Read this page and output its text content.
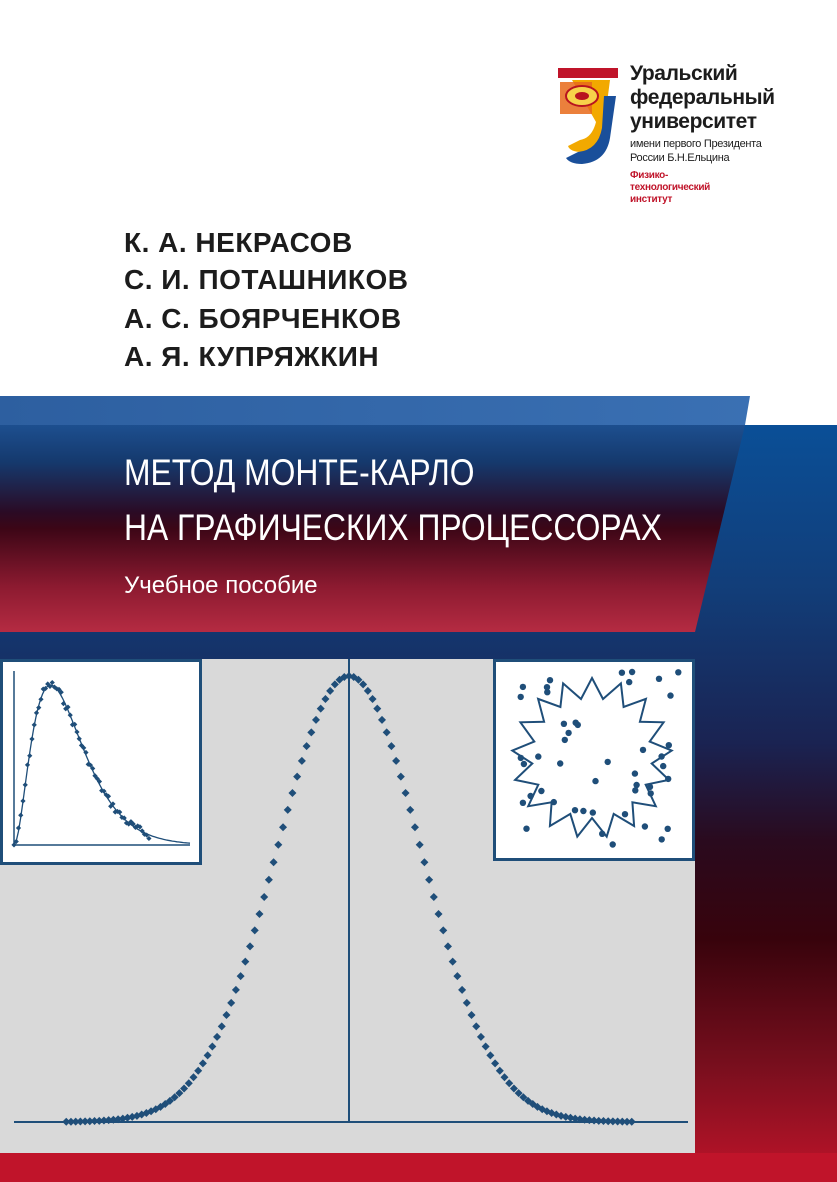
Уральский
федеральный
университет
имени первого Президента
России Б.Н.Ельцина
Физико-
технологический
институт
К. А. НЕКРАСОВ
С. И. ПОТАШНИКОВ
А. С. БОЯРЧЕНКОВ
А. Я. КУПРЯЖКИН
МЕТОД МОНТЕ-КАРЛО
НА ГРАФИЧЕСКИХ ПРОЦЕССОРАХ
Учебное пособие
